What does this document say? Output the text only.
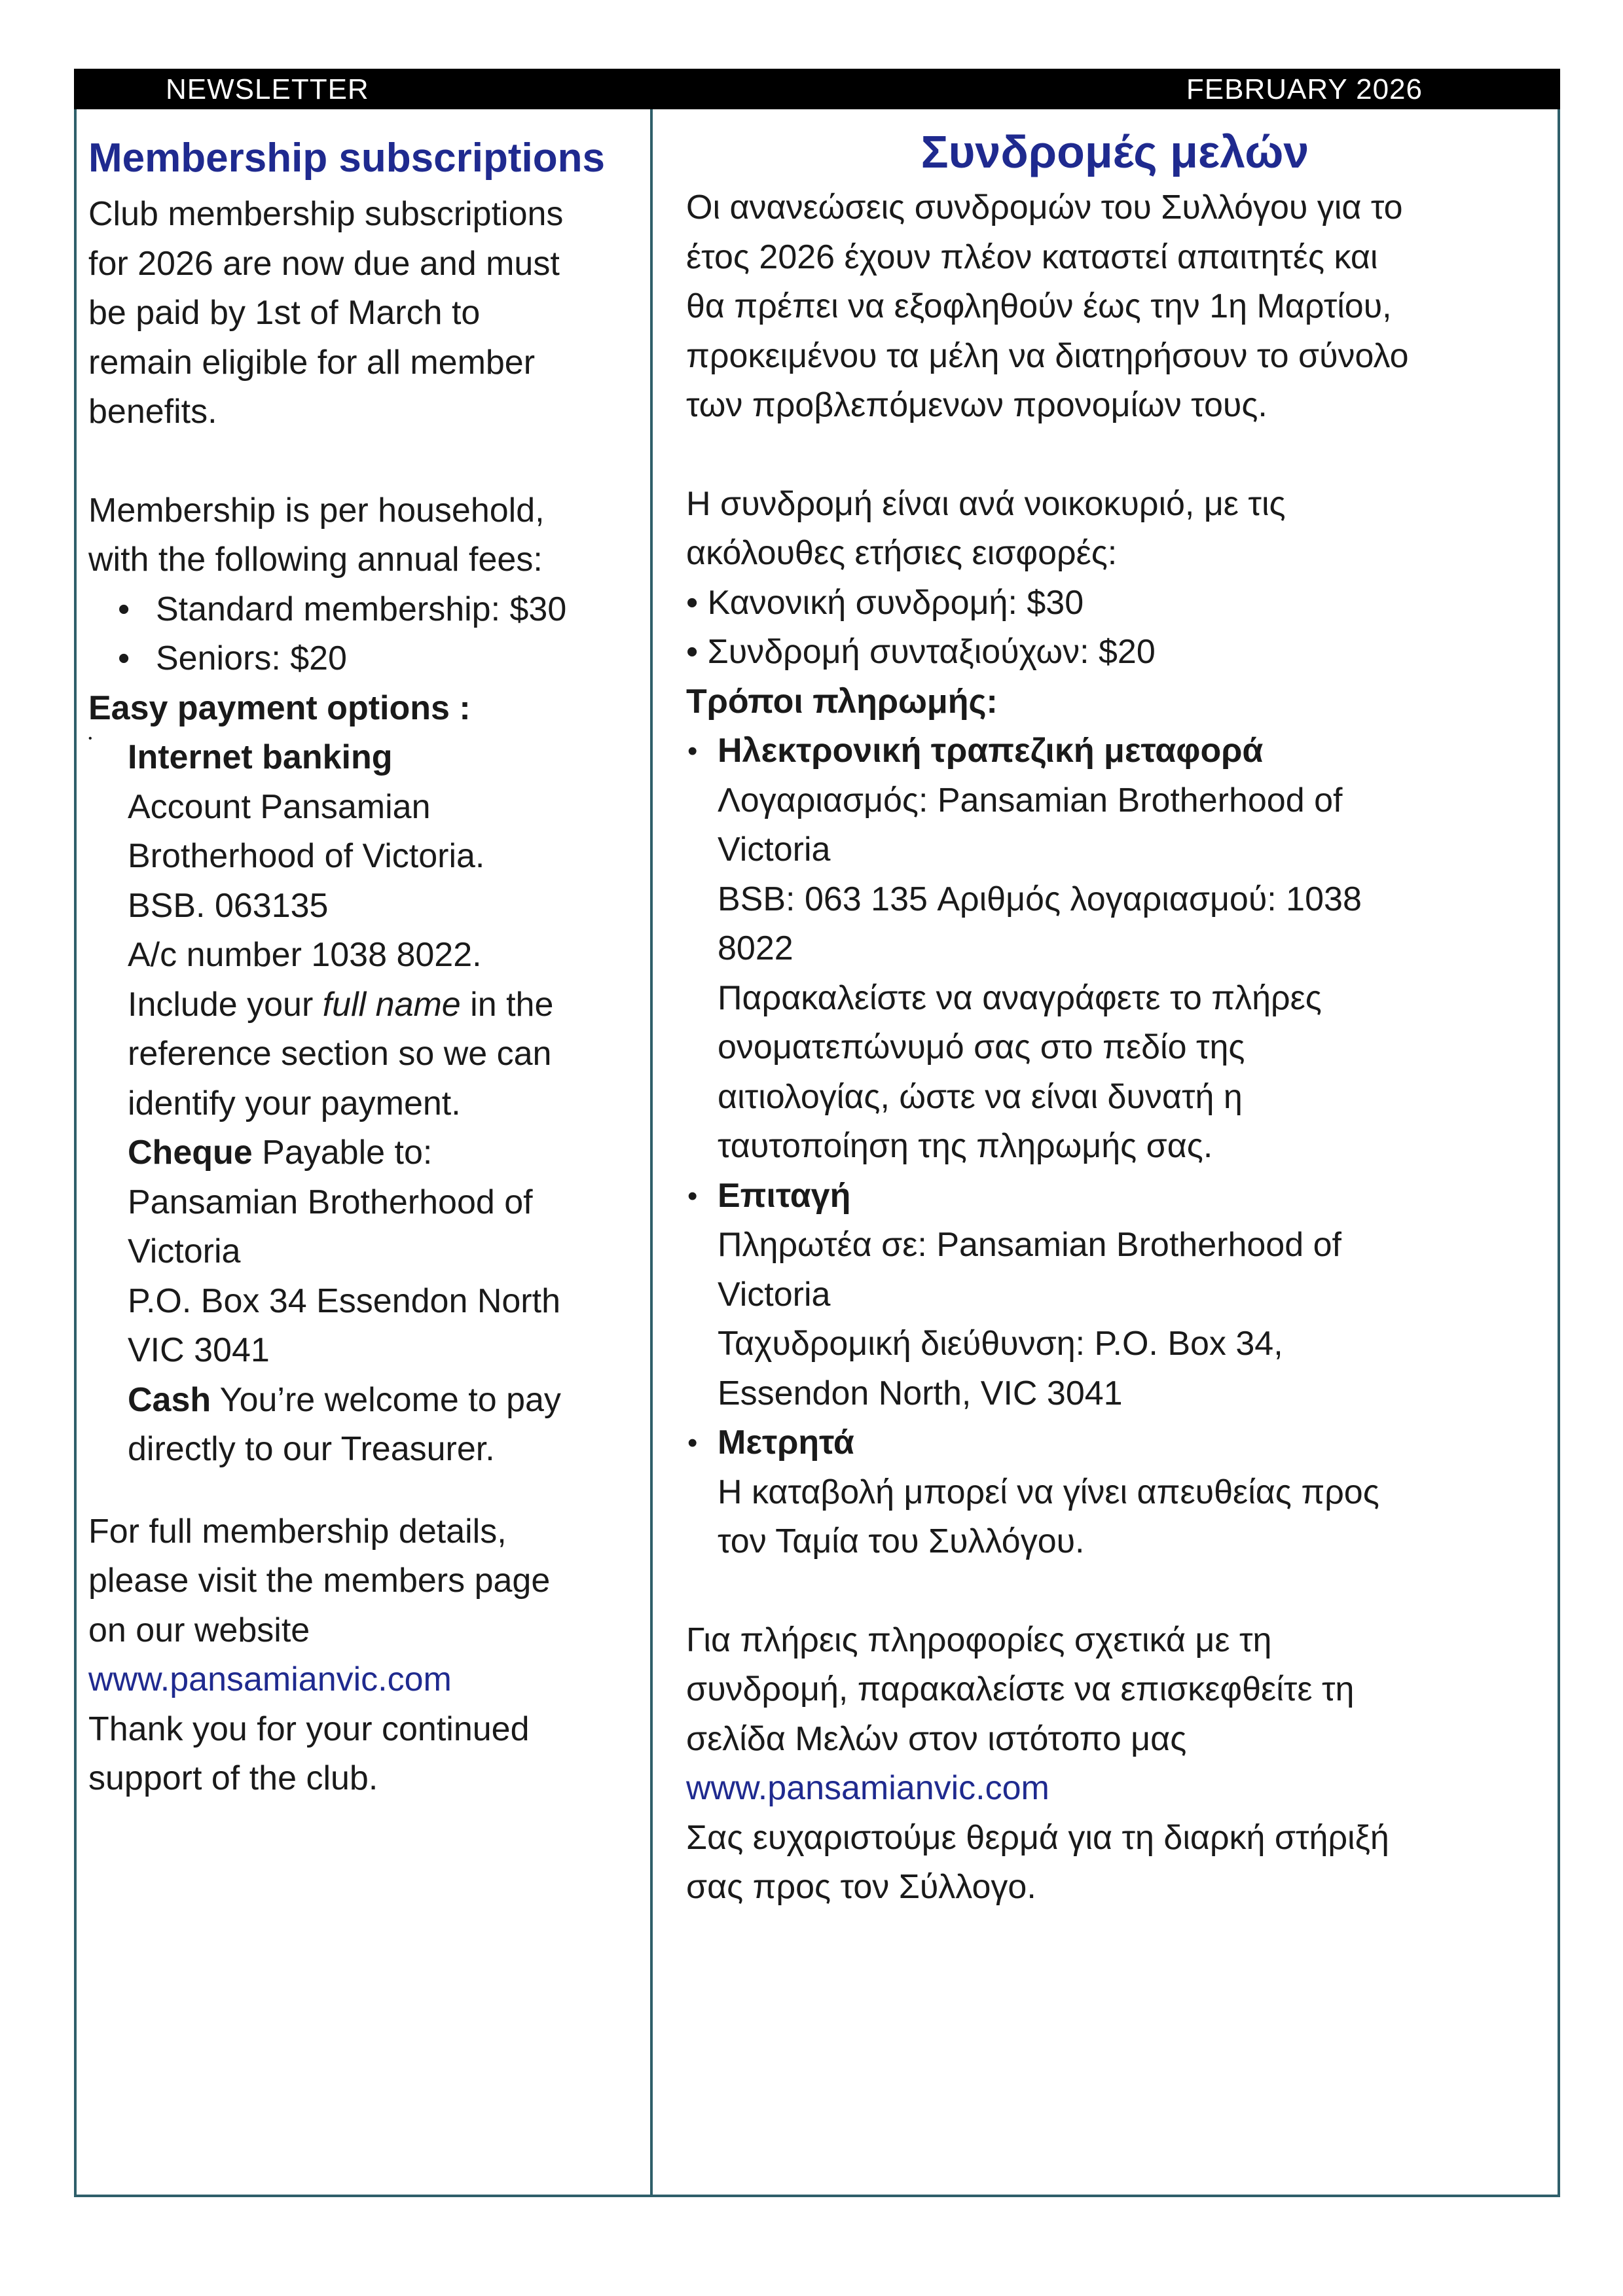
NEWSLETTER	FEBRUARY 2026
Membership subscriptions

Club membership subscriptions

for 2026 are now due and must

be paid by 1st of March to

remain eligible for all member

benefits.

Membership is per household,

with the following annual fees:

• Standard membership: $30

• Seniors: $20

Easy payment options :

• Internet banking

Account Pansamian

Brotherhood of Victoria.

BSB. 063135

A/c number 1038 8022.

Include your full name in the

reference section so we can

identify your payment.

Cheque Payable to:

Pansamian Brotherhood of

Victoria

P.O. Box 34 Essendon North

VIC 3041

Cash You’re welcome to pay

directly to our Treasurer.

For full membership details,

please visit the members page

on our website

www.pansamianvic.com

Thank you for your continued

support of the club.

Συνδρομές μελών

Οι ανανεώσεις συνδρομών του Συλλόγου για το

έτος 2026 έχουν πλέον καταστεί απαιτητές και

θα πρέπει να εξοφληθούν έως την 1η Μαρτίου,

προκειμένου τα μέλη να διατηρήσουν το σύνολο

των προβλεπόμενων προνομίων τους.

Η συνδρομή είναι ανά νοικοκυριό, με τις

ακόλουθες ετήσιες εισφορές:

• Κανονική συνδρομή: $30

• Συνδρομή συνταξιούχων: $20

Τρόποι πληρωμής:

• Ηλεκτρονική τραπεζική μεταφορά

Λογαριασμός: Pansamian Brotherhood of

Victoria

BSB: 063 135 Αριθμός λογαριασμού: 1038

8022

Παρακαλείστε να αναγράφετε το πλήρες

ονοματεπώνυμό σας στο πεδίο της

αιτιολογίας, ώστε να είναι δυνατή η

ταυτοποίηση της πληρωμής σας.

• Επιταγή

Πληρωτέα σε: Pansamian Brotherhood of

Victoria

Ταχυδρομική διεύθυνση: P.O. Box 34,

Essendon North, VIC 3041

• Μετρητά

Η καταβολή μπορεί να γίνει απευθείας προς

τον Ταμία του Συλλόγου.

Για πλήρεις πληροφορίες σχετικά με τη

συνδρομή, παρακαλείστε να επισκεφθείτε τη

σελίδα Μελών στον ιστότοπο μας

www.pansamianvic.com

Σας ευχαριστούμε θερμά για τη διαρκή στήριξή

σας προς τον Σύλλογο.
